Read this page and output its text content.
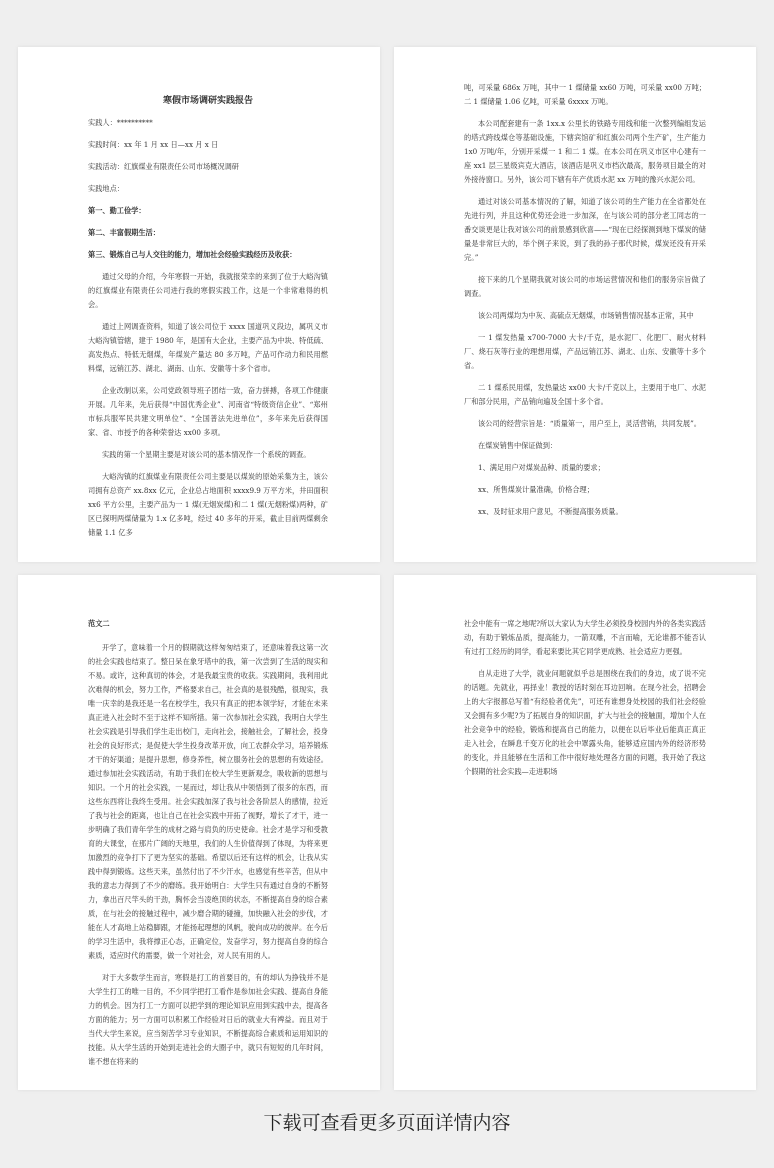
寒假市场调研实践报告
实践人：**********
实践时间：xx 年 1 月 xx 日—xx 月 x 日
实践活动：红旗煤业有限责任公司市场概况调研
实践地点：
第一、勤工俭学：
第二、丰富假期生活：
第三、锻炼自己与人交往的能力，增加社会经验实践经历及收获：

通过父母的介绍，今年寒假一开始，我就报荣幸的来到了位于大峪沟镇的红旗煤业有限责任公司进行我的寒假实践工作，这是一个非常难得的机会。

通过上网调查资料，知道了该公司位于 xxxx 国道巩义段边，属巩义市大峪沟镇管辖，建于 1980 年，是国有大企业，主要产品为中块、特低硫、高发热点、特低无烟煤，年煤炭产量达 80 多万吨，产品可作动力和民用燃料煤，远销江苏、湖北、湖南、山东、安徽等十多个省市。

企业改制以来，公司党政领导班子团结一致，奋力拼搏，各项工作健康开展。几年来，先后获得“中国优秀企业”、河南省“特级资信企业”、“郑州市标兵服军民共建文明单位”、“全国普法先进单位”，多年来先后获得国家、省、市授予的各种荣誉达 xx00 多项。

实践的第一个星期主要是对该公司的基本情况作一个系统的调查。

大峪沟镇的红旗煤业有限责任公司主要是以煤炭的原始采集为主，该公司拥有总资产 xx.8xx 亿元，企业总占地面积 xxxx9.9 万平方米，井田面积 xx6 平方公里，主要产品为一 1 煤(无烟炭煤)和二 1 煤(无烟粉煤)两种，矿区已探明两煤储量为 1.x 亿多吨，经过 40 多年的开采，截止目前两煤剩余储量 1.1 亿多

吨，可采量 686x 万吨，其中一 1 煤储量 xx60 万吨，可采量 xx00 万吨；二 1 煤储量 1.06 亿吨，可采量 6xxxx 万吨。

本公司配套建有一条 1xx.x 公里长的铁路专用线和能一次整列编组发运的塔式跨线煤仓等基础设施，下辖宾馆矿和红旗公司两个生产矿，生产能力 1x0 万吨/年，分别开采煤一 1 和二 1 煤。在本公司在巩义市区中心建有一座 xx1 层三星级宾克大酒店，该酒店是巩义市档次最高，服务项目最全的对外接待窗口。另外，该公司下辖有年产优质水泥 xx 万吨的豫兴水泥公司。

通过对该公司基本情况的了解，知道了该公司的生产能力在全省都处在先进行列，并且这种优势还会进一步加深，在与该公司的部分老工同志的一番交谈更是让我对该公司的前景感到欣喜——“现在已经探测到地下煤炭的储量是非常巨大的，举个例子来说，到了我的孙子那代时候，煤炭还没有开采完。”

接下来的几个星期我就对该公司的市场运营情况和他们的服务宗旨做了调查。

该公司两煤均为中灰、高硫点无烟煤，市场销售情况基本正常，其中

一 1 煤发热量 x700-7000 大卡/千克，是水泥厂、化肥厂、耐火材料厂、烧石灰等行业的理想用煤，产品远销江苏、湖北、山东、安徽等十多个省。

二 1 煤系民用煤，发热量达 xx00 大卡/千克以上，主要用于电厂、水泥厂和部分民用，产品销向遍及全国十多个省。

该公司的经营宗旨是：“质量第一，用户至上，灵活营销，共同发展”。

在煤炭销售中保证做到：

1、满足用户对煤炭品种、质量的要求；

xx、所售煤炭计量准确，价格合理；

xx、及时征求用户意见，不断提高服务质量。

范文二

开学了，意味着一个月的假期就这样匆匆结束了，还意味着我这第一次的社会实践也结束了。整日呆在象牙塔中的我，第一次尝到了生活的现实和不易。或许，这种真切的体会，才是我最宝贵的收获。实践期间，我利用此次难得的机会，努力工作，严格要求自己，社会真的是很残酷，很现实，我唯一庆幸的是我还是一名在校学生，我只有真正的把本领学好，才能在未来真正进入社会时不至于这样不知所措。第一次参加社会实践，我明白大学生社会实践是引导我们学生走出校门，走向社会，接触社会，了解社会，投身社会的良好形式；是促使大学生投身改革开放，向工农群众学习，培养锻炼才干的好渠道；是提升思想，修身养性，树立服务社会的思想的有效途径。通过参加社会实践活动，有助于我们在校大学生更新观念，吸收新的思想与知识。一个月的社会实践，一晃而过，却让我从中领悟到了很多的东西，而这些东西将让我终生受用。社会实践加深了我与社会各阶层人的感情，拉近了我与社会的距离，也让自己在社会实践中开拓了视野，增长了才干，进一步明确了我们青年学生的成材之路与肩负的历史使命。社会才是学习和受教育的大课堂，在那片广阔的天地里，我们的人生价值得到了体现，为将来更加激烈的竞争打下了更为坚实的基础。希望以后还有这样的机会，让我从实践中得到锻炼。这些天来，虽然付出了不少汗水，也感觉有些辛苦，但从中我的意志力得到了不少的磨练。我开始明白：大学生只有通过自身的不断努力，拿出百尺竿头的干劲，胸怀会当凌绝顶的状态，不断提高自身的综合素质，在与社会的接触过程中，减少磨合期的碰撞，加快融入社会的步伐，才能在人才高地上站稳脚跟，才能扬起理想的风帆，驶向成功的彼岸。在今后的学习生活中，我将撑正心态，正确定位，发奋学习，努力提高自身的综合素质，适应时代的需要，做一个对社会，对人民有用的人。

对于大多数学生而言，寒假是打工的首要目的，有的却认为挣钱并不是大学生打工的唯一目的，不少同学把打工看作是参加社会实践、提高自身能力的机会。因为打工一方面可以把学到的理论知识应用到实践中去，提高各方面的能力；另一方面可以积累工作经验对日后的就业大有裨益。而且对于当代大学生来说，应当刻苦学习专业知识，不断提高综合素质和运用知识的技能。从大学生活的开始到走进社会的大圈子中，就只有短短的几年时间，谁不想在将来的

社会中能有一席之地呢?所以大家认为大学生必须投身校园内外的各类实践活动，有助于锻炼品质，提高能力，一箭双雕，不言而喻，无论谁都不能否认有过打工经历的同学，看起来要比其它同学更成熟、社会适应力更强。

自从走进了大学，就业问题就似乎总是围绕在我们的身边，成了说不完的话题。先就业，再择业！教授的话时刻在耳边回响。在现今社会，招聘会上的大字报都总写着“有经验者优先”，可还有谁想身处校园的我们社会经验又会拥有多少呢?为了拓展自身的知识面，扩大与社会的接触面，增加个人在社会竞争中的经验，锻炼和提高自己的能力，以便在以后毕业后能真正真正走入社会，在瞬息千变万化的社会中罩露头角，能够适应国内外的经济形势的变化，并且能够在生活和工作中很好地处理各方面的问题，我开始了我这个假期的社会实践—走进职场

下载可查看更多页面详情内容
